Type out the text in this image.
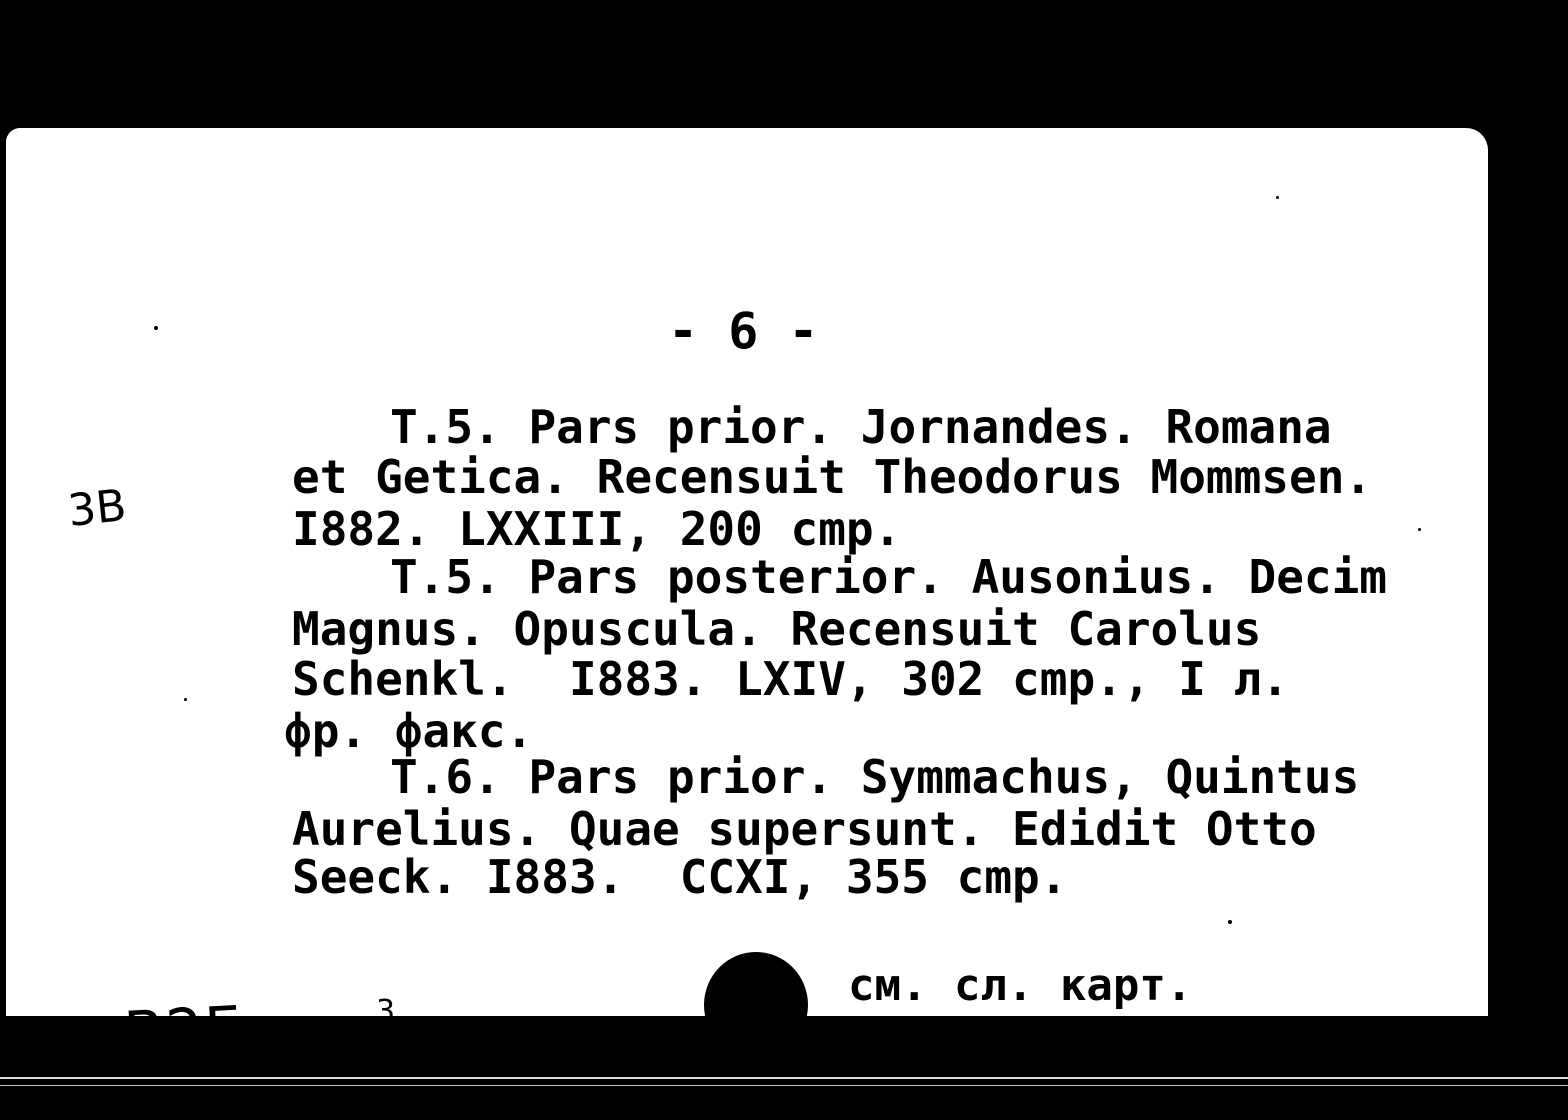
- 6 -
T.5. Pars prior. Jornandes. Romana
et Getica. Recensuit Theodorus Mommsen.
I882. LXXIII, 200 cmp.
T.5. Pars posterior. Ausonius. Decim
Magnus. Opuscula. Recensuit Carolus
Schenkl.  I883. LXIV, 302 cmp., I л.
фр. факс.
T.6. Pars prior. Symmachus, Quintus
Aurelius. Quae supersunt. Edidit Otto
Seeck. I883.  CCXI, 355 cmp.
3B
B2E	3
см. сл. карт.
